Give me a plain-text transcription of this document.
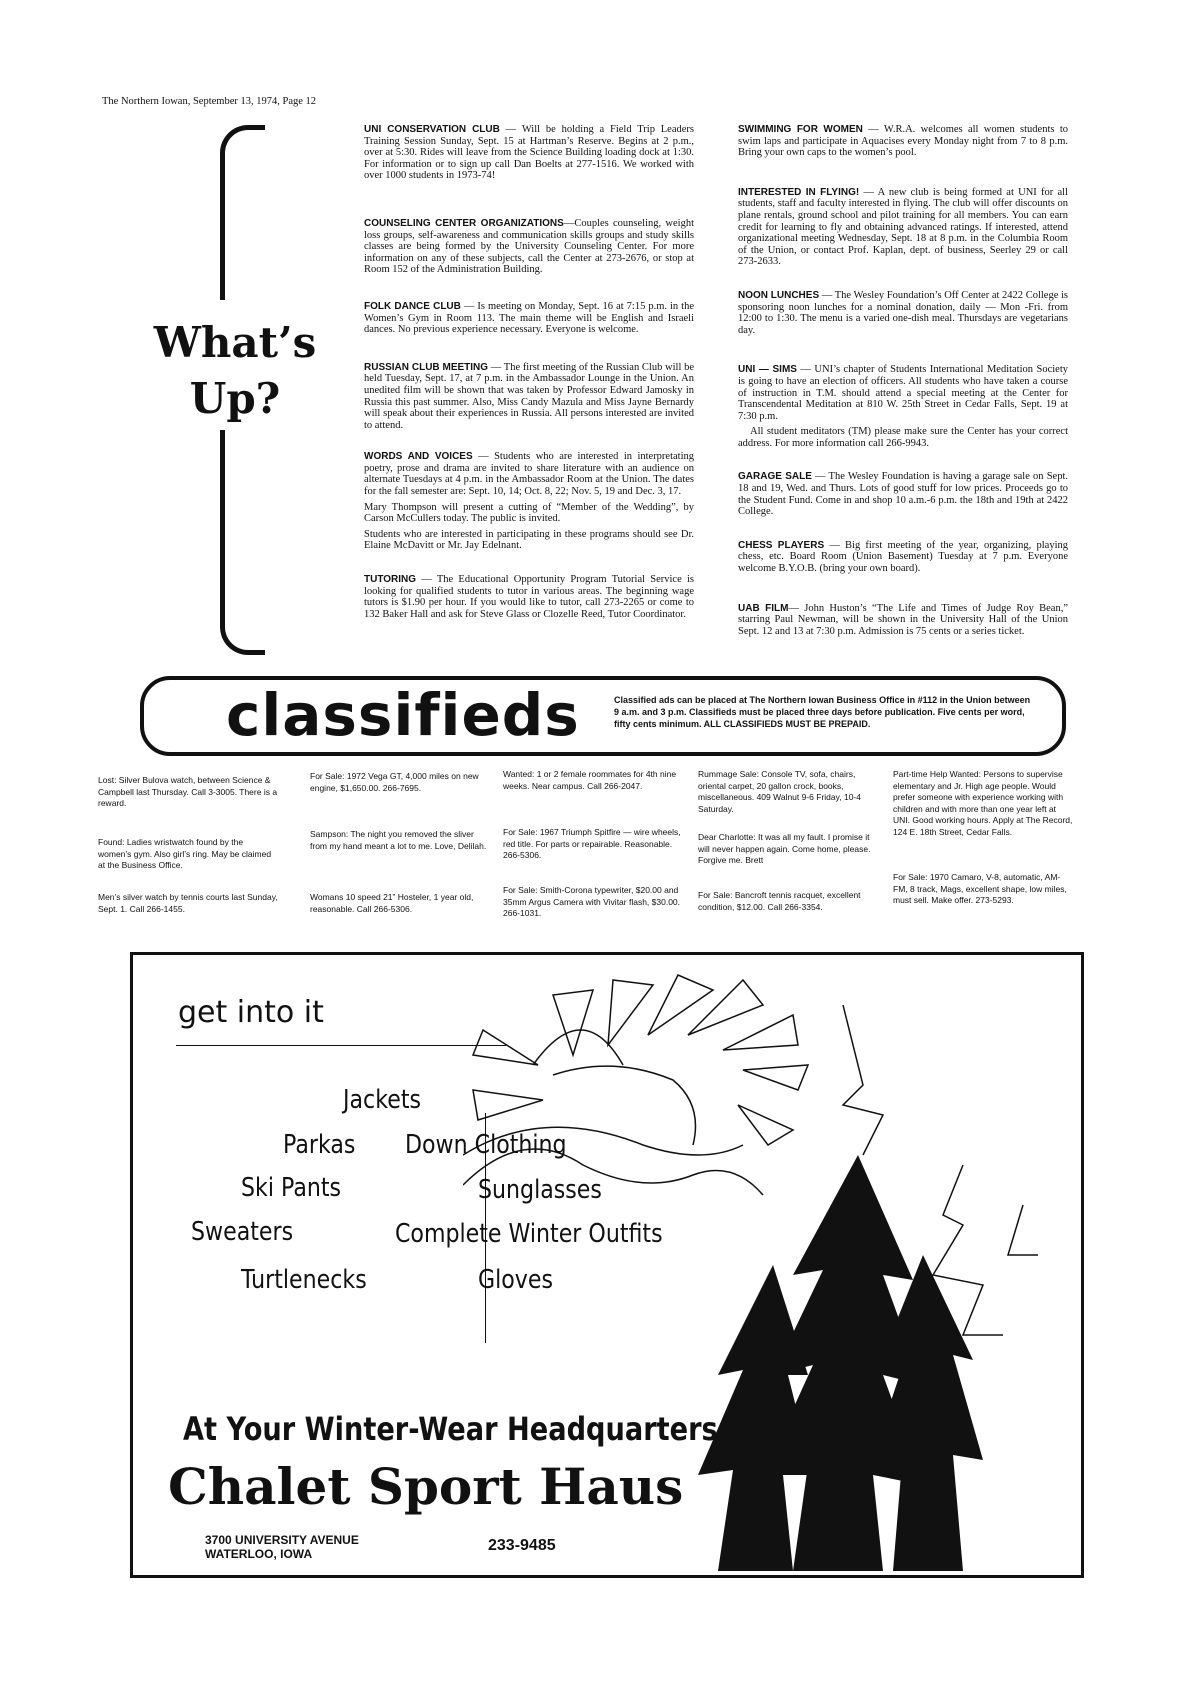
The Northern Iowan, September 13, 1974, Page 12
What’s
Up?

UNI CONSERVATION CLUB — Will be holding a Field Trip Leaders Training Session Sunday, Sept. 15 at Hartman’s Reserve. Begins at 2 p.m., over at 5:30. Rides will leave from the Science Building loading dock at 1:30. For information or to sign up call Dan Boelts at 277-1516. We worked with over 1000 students in 1973-74!

COUNSELING CENTER ORGANIZATIONS—Couples counseling, weight loss groups, self-awareness and communication skills groups and study skills classes are being formed by the University Counseling Center. For more information on any of these subjects, call the Center at 273-2676, or stop at Room 152 of the Administration Building.

FOLK DANCE CLUB — Is meeting on Monday, Sept. 16 at 7:15 p.m. in the Women’s Gym in Room 113. The main theme will be English and Israeli dances. No previous experience necessary. Everyone is welcome.

RUSSIAN CLUB MEETING — The first meeting of the Russian Club will be held Tuesday, Sept. 17, at 7 p.m. in the Ambassador Lounge in the Union. An unedited film will be shown that was taken by Professor Edward Jamosky in Russia this past summer. Also, Miss Candy Mazula and Miss Jayne Bernardy will speak about their experiences in Russia. All persons interested are invited to attend.

WORDS AND VOICES — Students who are interested in interpretating poetry, prose and drama are invited to share literature with an audience on alternate Tuesdays at 4 p.m. in the Ambassador Room at the Union. The dates for the fall semester are: Sept. 10, 14; Oct. 8, 22; Nov. 5, 19 and Dec. 3, 17.

Mary Thompson will present a cutting of “Member of the Wedding”, by Carson McCullers today. The public is invited.

Students who are interested in participating in these programs should see Dr. Elaine McDavitt or Mr. Jay Edelnant.

TUTORING — The Educational Opportunity Program Tutorial Service is looking for qualified students to tutor in various areas. The beginning wage tutors is $1.90 per hour. If you would like to tutor, call 273-2265 or come to 132 Baker Hall and ask for Steve Glass or Clozelle Reed, Tutor Coordinator.

SWIMMING FOR WOMEN — W.R.A. welcomes all women students to swim laps and participate in Aquacises every Monday night from 7 to 8 p.m. Bring your own caps to the women’s pool.

INTERESTED IN FLYING! — A new club is being formed at UNI for all students, staff and faculty interested in flying. The club will offer discounts on plane rentals, ground school and pilot training for all members. You can earn credit for learning to fly and obtaining advanced ratings. If interested, attend organizational meeting Wednesday, Sept. 18 at 8 p.m. in the Columbia Room of the Union, or contact Prof. Kaplan, dept. of business, Seerley 29 or call 273-2633.

NOON LUNCHES — The Wesley Foundation’s Off Center at 2422 College is sponsoring noon lunches for a nominal donation, daily — Mon -Fri. from 12:00 to 1:30. The menu is a varied one-dish meal. Thursdays are vegetarians day.

UNI — SIMS — UNI’s chapter of Students International Meditation Society is going to have an election of officers. All students who have taken a course of instruction in T.M. should attend a special meeting at the Center for Transcendental Meditation at 810 W. 25th Street in Cedar Falls, Sept. 19 at 7:30 p.m.

All student meditators (TM) please make sure the Center has your correct address. For more information call 266-9943.

GARAGE SALE — The Wesley Foundation is having a garage sale on Sept. 18 and 19, Wed. and Thurs. Lots of good stuff for low prices. Proceeds go to the Student Fund. Come in and shop 10 a.m.-6 p.m. the 18th and 19th at 2422 College.

CHESS PLAYERS — Big first meeting of the year, organizing, playing chess, etc. Board Room (Union Basement) Tuesday at 7 p.m. Everyone welcome B.Y.O.B. (bring your own board).

UAB FILM— John Huston’s “The Life and Times of Judge Roy Bean,” starring Paul Newman, will be shown in the University Hall of the Union Sept. 12 and 13 at 7:30 p.m. Admission is 75 cents or a series ticket.

classifieds	Classified ads can be placed at The Northern Iowan Business Office in #112 in the Union between 9 a.m. and 3 p.m. Classifieds must be placed three days before publication. Five cents per word, fifty cents minimum. ALL CLASSIFIEDS MUST BE PREPAID.
Lost: Silver Bulova watch, between Science & Campbell last Thursday. Call 3-3005. There is a reward.
Found: Ladies wristwatch found by the women’s gym. Also girl’s ring. May be claimed at the Business Office.
Men’s silver watch by tennis courts last Sunday, Sept. 1. Call 266-1455.
For Sale: 1972 Vega GT, 4,000 miles on new engine, $1,650.00. 266-7695.
Sampson: The night you removed the sliver from my hand meant a lot to me. Love, Delilah.
Womans 10 speed 21” Hosteler, 1 year old, reasonable. Call 266-5306.
Wanted: 1 or 2 female roommates for 4th nine weeks. Near campus. Call 266-2047.
For Sale: 1967 Triumph Spitfire — wire wheels, red title. For parts or repairable. Reasonable. 266-5306.
For Sale: Smith-Corona typewriter, $20.00 and 35mm Argus Camera with Vivitar flash, $30.00. 266-1031.
Rummage Sale: Console TV, sofa, chairs, oriental carpet, 20 gallon crock, books, miscellaneous. 409 Walnut 9-6 Friday, 10-4 Saturday.
Dear Charlotte: It was all my fault. I promise it will never happen again. Come home, please. Forgive me. Brett
For Sale: Bancroft tennis racquet, excellent condition, $12.00. Call 266-3354.
Part-time Help Wanted: Persons to supervise elementary and Jr. High age people. Would prefer someone with experience working with children and with more than one year left at UNI. Good working hours. Apply at The Record, 124 E. 18th Street, Cedar Falls.
For Sale: 1970 Camaro, V-8, automatic, AM-FM, 8 track, Mags, excellent shape, low miles, must sell. Make offer. 273-5293.
get into it
Jackets
Parkas Down Clothing
Ski Pants	Sunglasses
Sweaters	Complete Winter Outfits
Turtlenecks	Gloves
At Your Winter-Wear Headquarters
Chalet Sport Haus
3700 UNIVERSITY AVENUE
WATERLOO, IOWA	233-9485
